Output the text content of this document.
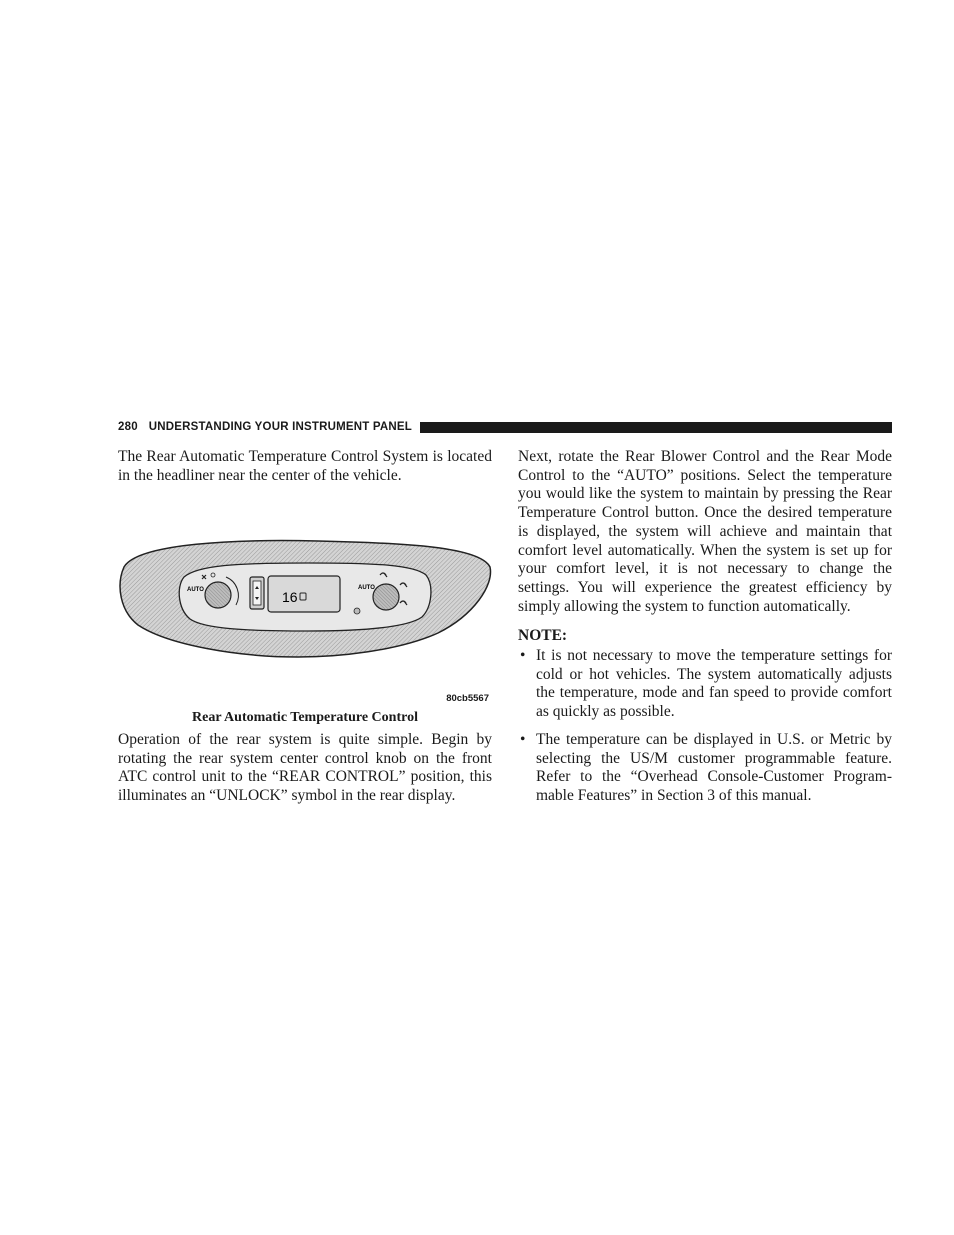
280 UNDERSTANDING YOUR INSTRUMENT PANEL

The Rear Automatic Temperature Control System is located in the headliner near the center of the vehicle.

AUTO	16
AUTO
80cb5567
Rear Automatic Temperature Control

Operation of the rear system is quite simple. Begin by rotating the rear system center control knob on the front ATC control unit to the “REAR CONTROL” position, this illuminates an “UNLOCK” symbol in the rear display.

Next, rotate the Rear Blower Control and the Rear Mode Control to the “AUTO” positions. Select the temperature you would like the system to maintain by pressing the Rear Temperature Control button. Once the desired temperature is displayed, the system will achieve and maintain that comfort level automatically. When the system is set up for your comfort level, it is not necessary to change the settings. You will experience the greatest efficiency by simply allowing the system to function automatically.

NOTE:
• It is not necessary to move the temperature settings for cold or hot vehicles. The system automatically adjusts the temperature, mode and fan speed to provide comfort as quickly as possible.
• The temperature can be displayed in U.S. or Metric by selecting the US/M customer programmable feature. Refer to the “Overhead Console-Customer Programmable Features” in Section 3 of this manual.
